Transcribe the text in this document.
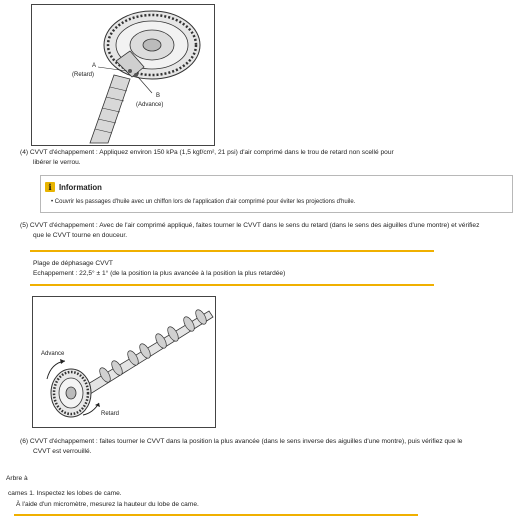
A
(Retard)
B
(Advance)
(4) CVVT d'échappement : Appliquez environ 150 kPa (1,5 kgf/cm², 21 psi) d'air comprimé dans le trou de retard non scellé pour
libérer le verrou.
i Information
• Couvrir les passages d'huile avec un chiffon lors de l'application d'air comprimé pour éviter les projections d'huile.
(5) CVVT d'échappement : Avec de l'air comprimé appliqué, faites tourner le CVVT dans le sens du retard (dans le sens des aiguilles d'une montre) et vérifiez
que le CVVT tourne en douceur.
Plage de déphasage CVVT
Echappement : 22,5° ± 1° (de la position la plus avancée à la position la plus retardée)
Advance
Retard
(6) CVVT d'échappement : faites tourner le CVVT dans la position la plus avancée (dans le sens inverse des aiguilles d'une montre), puis vérifiez que le
CVVT est verrouillé.
Arbre à
cames 1. Inspectez les lobes de came.
À l'aide d'un micromètre, mesurez la hauteur du lobe de came.
